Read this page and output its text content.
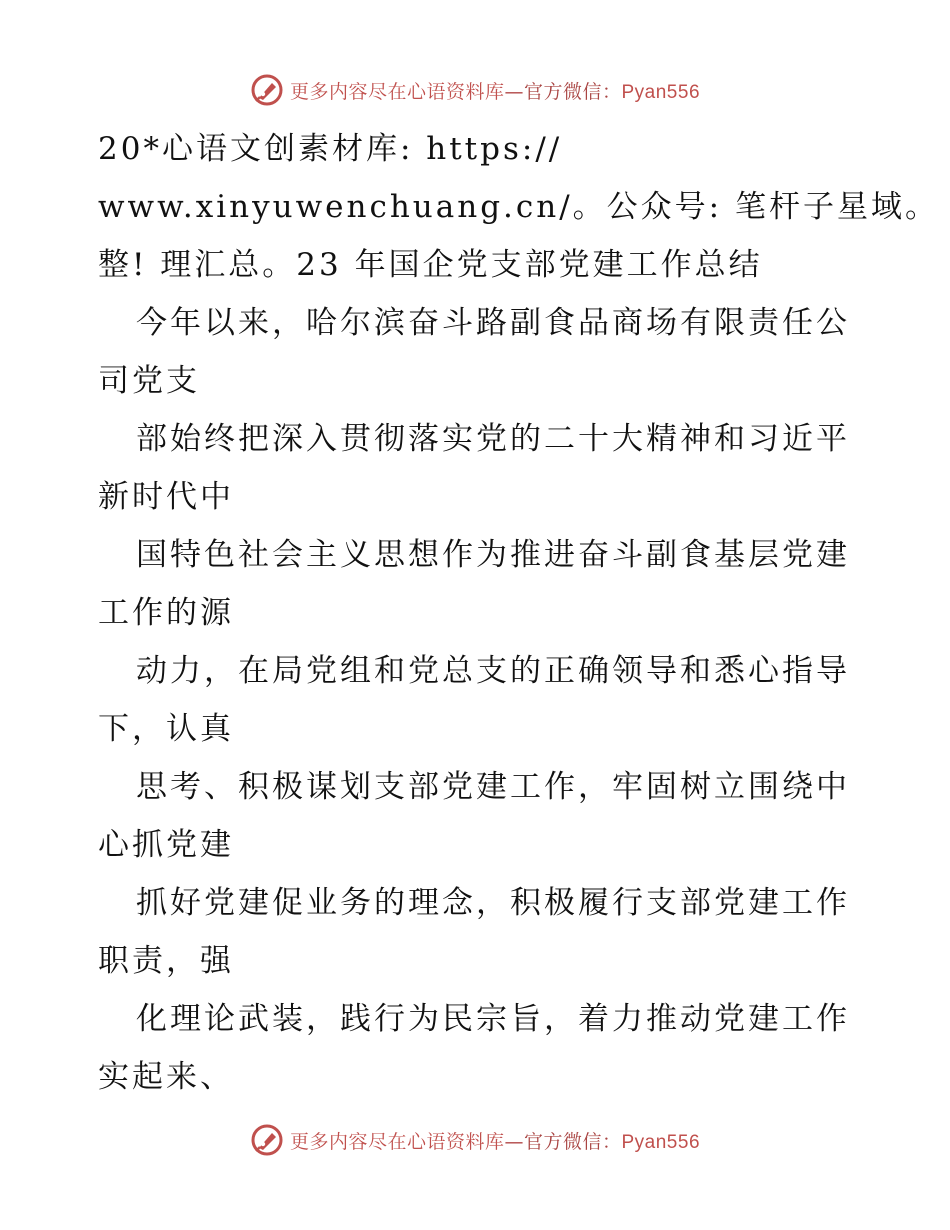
更多内容尽在心语资料库—官方微信：Pyan556
20*心语文创素材库: https://
www.xinyuwenchuang.cn/。公众号: 笔杆子星域。
整! 理汇总。23 年国企党支部党建工作总结
今年以来，哈尔滨奋斗路副食品商场有限责任公
司党支
部始终把深入贯彻落实党的二十大精神和习近平
新时代中
国特色社会主义思想作为推进奋斗副食基层党建
工作的源
动力，在局党组和党总支的正确领导和悉心指导
下，认真
思考、积极谋划支部党建工作，牢固树立围绕中
心抓党建
抓好党建促业务的理念，积极履行支部党建工作
职责，强
化理论武装，践行为民宗旨，着力推动党建工作
实起来、
更多内容尽在心语资料库—官方微信：Pyan556
